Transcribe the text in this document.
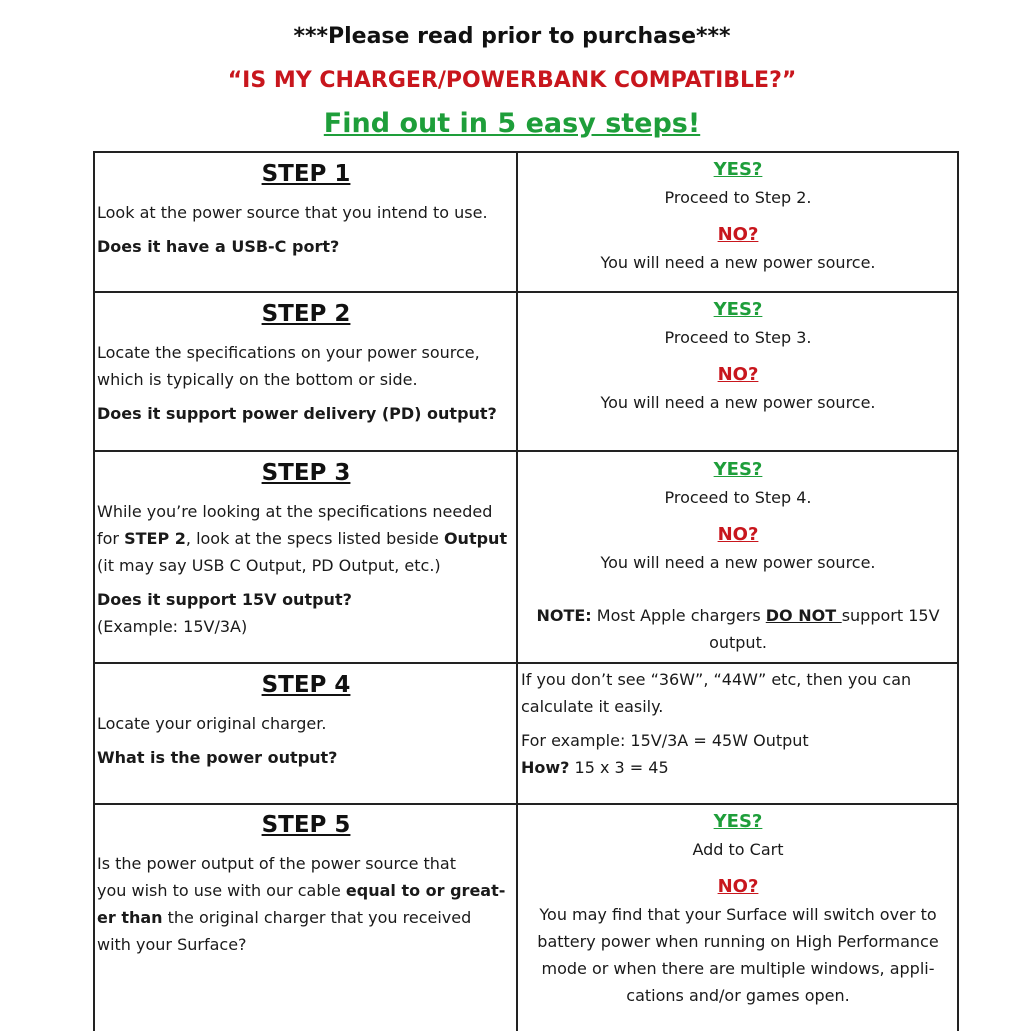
***Please read prior to purchase***
“IS MY CHARGER/POWERBANK COMPATIBLE?”
Find out in 5 easy steps!

STEP 1

Look at the power source that you intend to use.

Does it have a USB-C port?

YES?

Proceed to Step 2.

NO?

You will need a new power source.

STEP 2

Locate the specifications on your power source,

which is typically on the bottom or side.

Does it support power delivery (PD) output?

YES?

Proceed to Step 3.

NO?

You will need a new power source.

STEP 3

While you’re looking at the specifications needed

for STEP 2, look at the specs listed beside Output

(it may say USB C Output, PD Output, etc.)

Does it support 15V output?

(Example: 15V/3A)

YES?

Proceed to Step 4.

NO?

You will need a new power source.

NOTE: Most Apple chargers DO NOT support 15V

output.

STEP 4

Locate your original charger.

What is the power output?

If you don’t see “36W”, “44W” etc, then you can

calculate it easily.

For example: 15V/3A = 45W Output

How? 15 x 3 = 45

STEP 5

Is the power output of the power source that

you wish to use with our cable equal to or great-

er than the original charger that you received

with your Surface?

YES?

Add to Cart

NO?

You may find that your Surface will switch over to

battery power when running on High Performance

mode or when there are multiple windows, appli-

cations and/or games open.
